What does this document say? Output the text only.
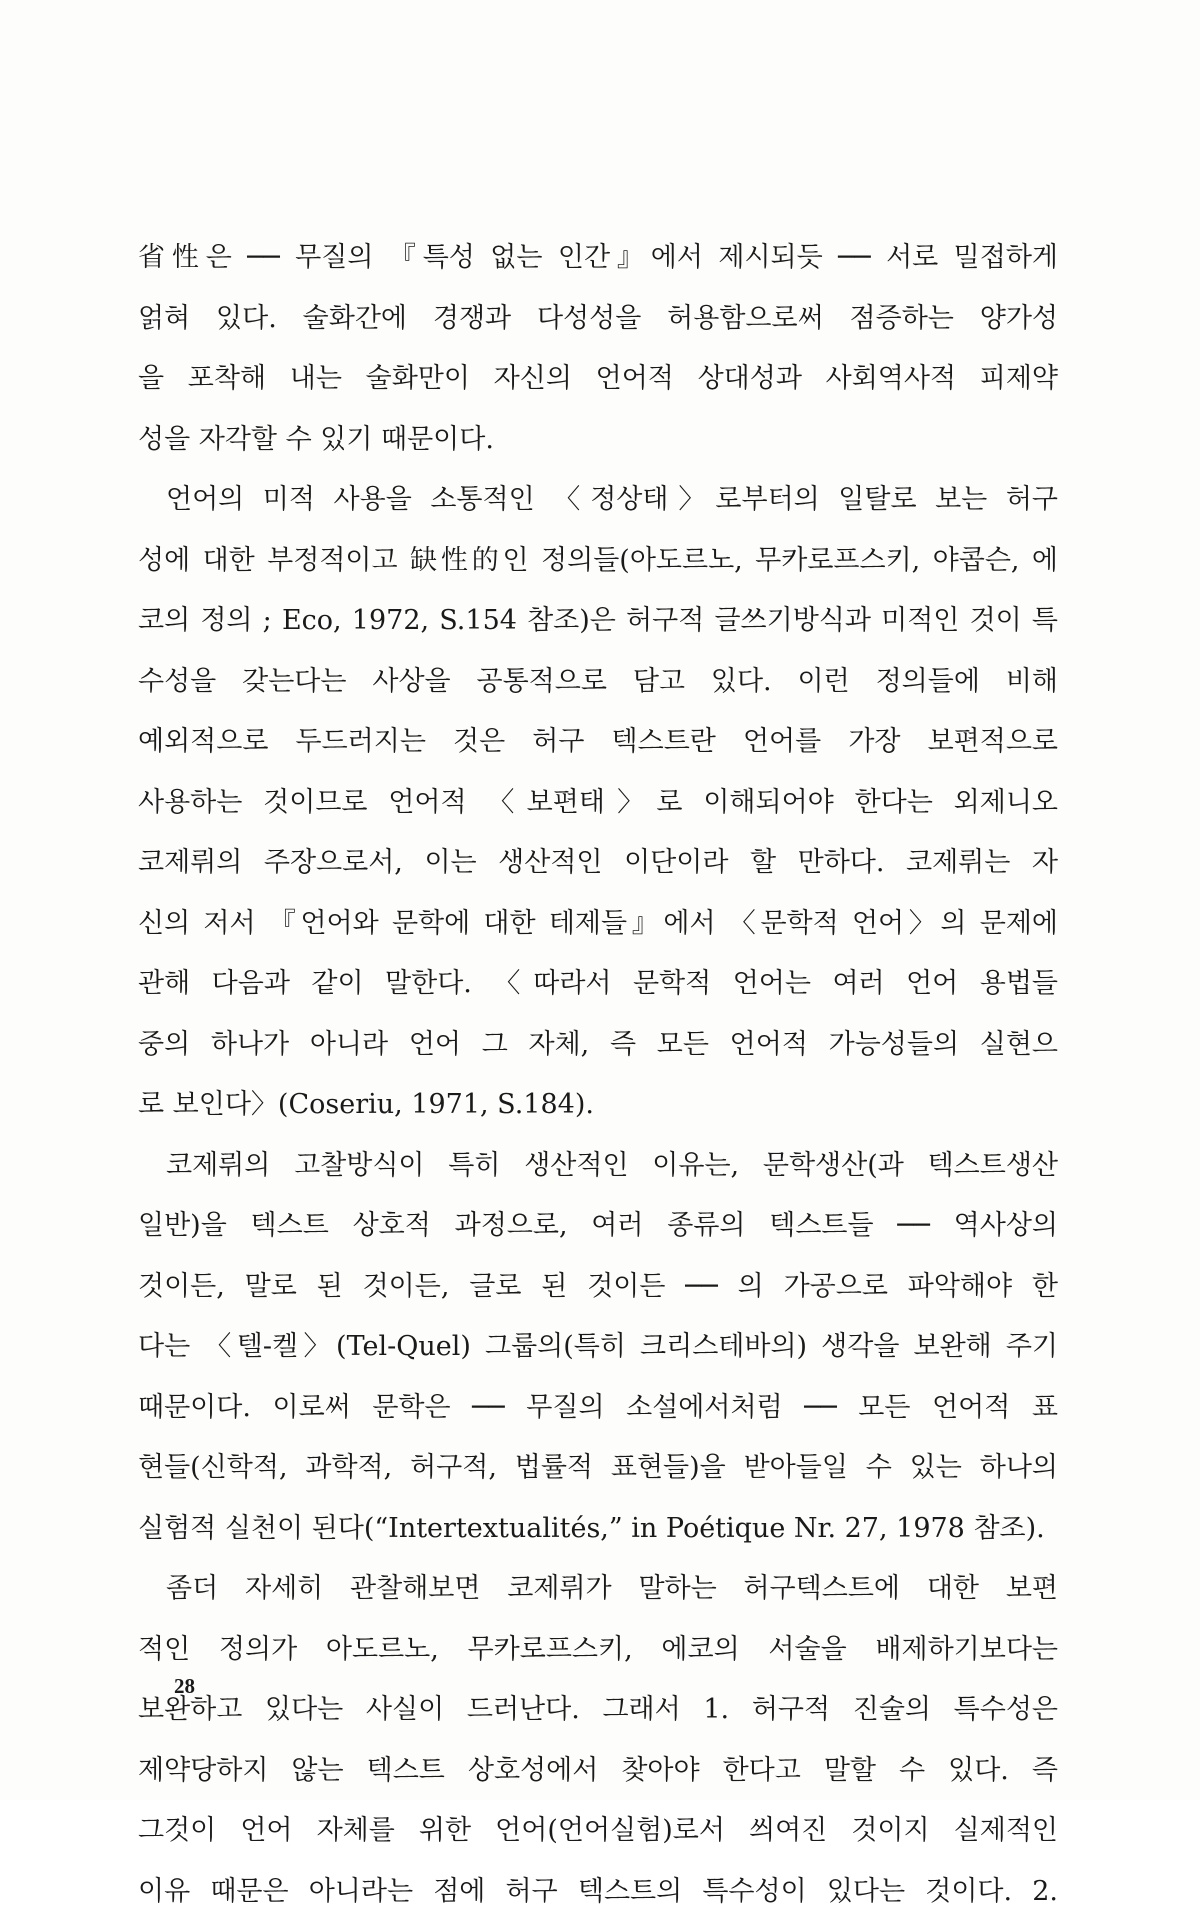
省性은 ── 무질의 『특성 없는 인간』에서 제시되듯 ── 서로 밀접하게
얽혀 있다. 술화간에 경쟁과 다성성을 허용함으로써 점증하는 양가성
을 포착해 내는 술화만이 자신의 언어적 상대성과 사회역사적 피제약
성을 자각할 수 있기 때문이다.
언어의 미적 사용을 소통적인 〈정상태〉로부터의 일탈로 보는 허구
성에 대한 부정적이고 缺性的인 정의들(아도르노, 무카로프스키, 야콥슨, 에
코의 정의 ; Eco, 1972, S.154 참조)은 허구적 글쓰기방식과 미적인 것이 특
수성을 갖는다는 사상을 공통적으로 담고 있다. 이런 정의들에 비해
예외적으로 두드러지는 것은 허구 텍스트란 언어를 가장 보편적으로
사용하는 것이므로 언어적 〈보편태〉로 이해되어야 한다는 외제니오
코제뤼의 주장으로서, 이는 생산적인 이단이라 할 만하다. 코제뤼는 자
신의 저서 『언어와 문학에 대한 테제들』에서 〈문학적 언어〉의 문제에
관해 다음과 같이 말한다. 〈따라서 문학적 언어는 여러 언어 용법들
중의 하나가 아니라 언어 그 자체, 즉 모든 언어적 가능성들의 실현으
로 보인다〉(Coseriu, 1971, S.184).
코제뤼의 고찰방식이 특히 생산적인 이유는, 문학생산(과 텍스트생산
일반)을 텍스트 상호적 과정으로, 여러 종류의 텍스트들 ── 역사상의
것이든, 말로 된 것이든, 글로 된 것이든 ── 의 가공으로 파악해야 한
다는 〈텔-켈〉(Tel-Quel) 그룹의(특히 크리스테바의) 생각을 보완해 주기
때문이다. 이로써 문학은 ── 무질의 소설에서처럼 ── 모든 언어적 표
현들(신학적, 과학적, 허구적, 법률적 표현들)을 받아들일 수 있는 하나의
실험적 실천이 된다(“Intertextualités,” in Poétique Nr. 27, 1978 참조).
좀더 자세히 관찰해보면 코제뤼가 말하는 허구텍스트에 대한 보편
적인 정의가 아도르노, 무카로프스키, 에코의 서술을 배제하기보다는
보완하고 있다는 사실이 드러난다. 그래서 1. 허구적 진술의 특수성은
제약당하지 않는 텍스트 상호성에서 찾아야 한다고 말할 수 있다. 즉
그것이 언어 자체를 위한 언어(언어실험)로서 씌여진 것이지 실제적인
이유 때문은 아니라는 점에 허구 텍스트의 특수성이 있다는 것이다. 2.
28
